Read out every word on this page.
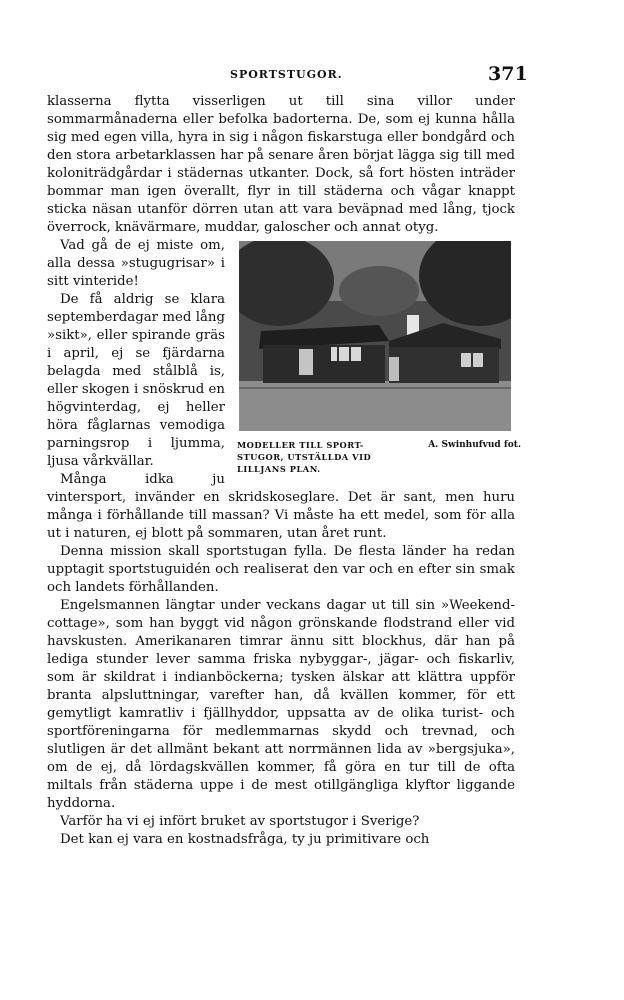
SPORTSTUGOR.	371

klasserna flytta visserligen ut till sina villor under sommarmånaderna eller befolka badorterna. De, som ej kunna hålla sig med egen villa, hyra in sig i någon fiskarstuga eller bondgård och den stora arbetarklassen har på senare åren börjat lägga sig till med koloniträdgårdar i städernas utkanter. Dock, så fort hösten inträder bommar man igen överallt, flyr in till städerna och vågar knappt sticka näsan utanför dörren utan att vara beväpnad med lång, tjock överrock, knävärmare, muddar, galoscher och annat otyg.

MODELLER TILL SPORT-
STUGOR, UTSTÄLLDA VID
LILLJANS PLAN.
A. Swinhufvud fot.

Vad gå de ej miste om, alla dessa »stugugrisar» i sitt vinteride!

De få aldrig se klara septemberdagar med lång »sikt», eller spirande gräs i april, ej se fjärdarna belagda med stålblå is, eller skogen i snöskrud en högvinterdag, ej heller höra fåglarnas vemodiga parningsrop i ljumma, ljusa vårkvällar.

Många idka ju vintersport, invänder en skridskoseglare. Det är sant, men huru många i förhållande till massan? Vi måste ha ett medel, som för alla ut i naturen, ej blott på sommaren, utan året runt.

Denna mission skall sportstugan fylla. De flesta länder ha redan upptagit sportstuguidén och realiserat den var och en efter sin smak och landets förhållanden.

Engelsmannen längtar under veckans dagar ut till sin »Weekend-cottage», som han byggt vid någon grönskande flodstrand eller vid havskusten. Amerikanaren timrar ännu sitt blockhus, där han på lediga stunder lever samma friska nybyggar-, jägar- och fiskarliv, som är skildrat i indianböckerna; tysken älskar att klättra uppför branta alpsluttningar, varefter han, då kvällen kommer, för ett gemytligt kamratliv i fjällhyddor, uppsatta av de olika turist- och sportföreningarna för medlemmarnas skydd och trevnad, och slutligen är det allmänt bekant att norrmännen lida av »bergsjuka», om de ej, då lördagskvällen kommer, få göra en tur till de ofta miltals från städerna uppe i de mest otillgängliga klyftor liggande hyddorna.

Varför ha vi ej infört bruket av sportstugor i Sverige?

Det kan ej vara en kostnadsfråga, ty ju primitivare och
